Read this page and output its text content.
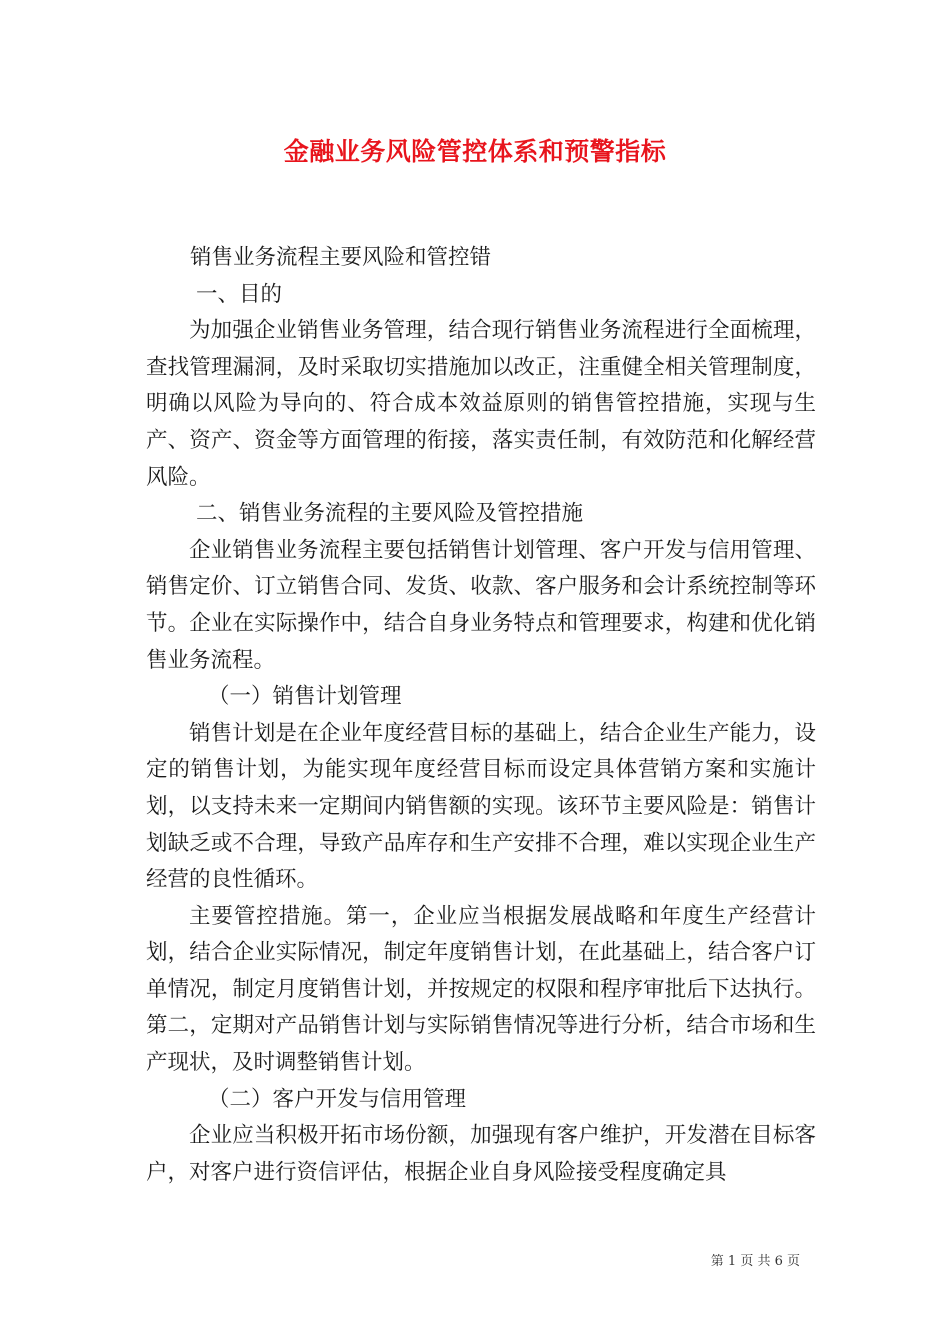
金融业务风险管控体系和预警指标

销售业务流程主要风险和管控错

一、目的

为加强企业销售业务管理，结合现行销售业务流程进行全面梳理，查找管理漏洞，及时采取切实措施加以改正，注重健全相关管理制度，明确以风险为导向的、符合成本效益原则的销售管控措施，实现与生产、资产、资金等方面管理的衔接，落实责任制，有效防范和化解经营风险。

二、销售业务流程的主要风险及管控措施

企业销售业务流程主要包括销售计划管理、客户开发与信用管理、销售定价、订立销售合同、发货、收款、客户服务和会计系统控制等环节。企业在实际操作中，结合自身业务特点和管理要求，构建和优化销售业务流程。

（一）销售计划管理

销售计划是在企业年度经营目标的基础上，结合企业生产能力，设定的销售计划，为能实现年度经营目标而设定具体营销方案和实施计划，以支持未来一定期间内销售额的实现。该环节主要风险是：销售计划缺乏或不合理，导致产品库存和生产安排不合理，难以实现企业生产经营的良性循环。

主要管控措施。第一，企业应当根据发展战略和年度生产经营计划，结合企业实际情况，制定年度销售计划，在此基础上，结合客户订单情况，制定月度销售计划，并按规定的权限和程序审批后下达执行。第二，定期对产品销售计划与实际销售情况等进行分析，结合市场和生产现状，及时调整销售计划。

（二）客户开发与信用管理

企业应当积极开拓市场份额，加强现有客户维护，开发潜在目标客户，对客户进行资信评估，根据企业自身风险接受程度确定具

第 1 页 共 6 页
